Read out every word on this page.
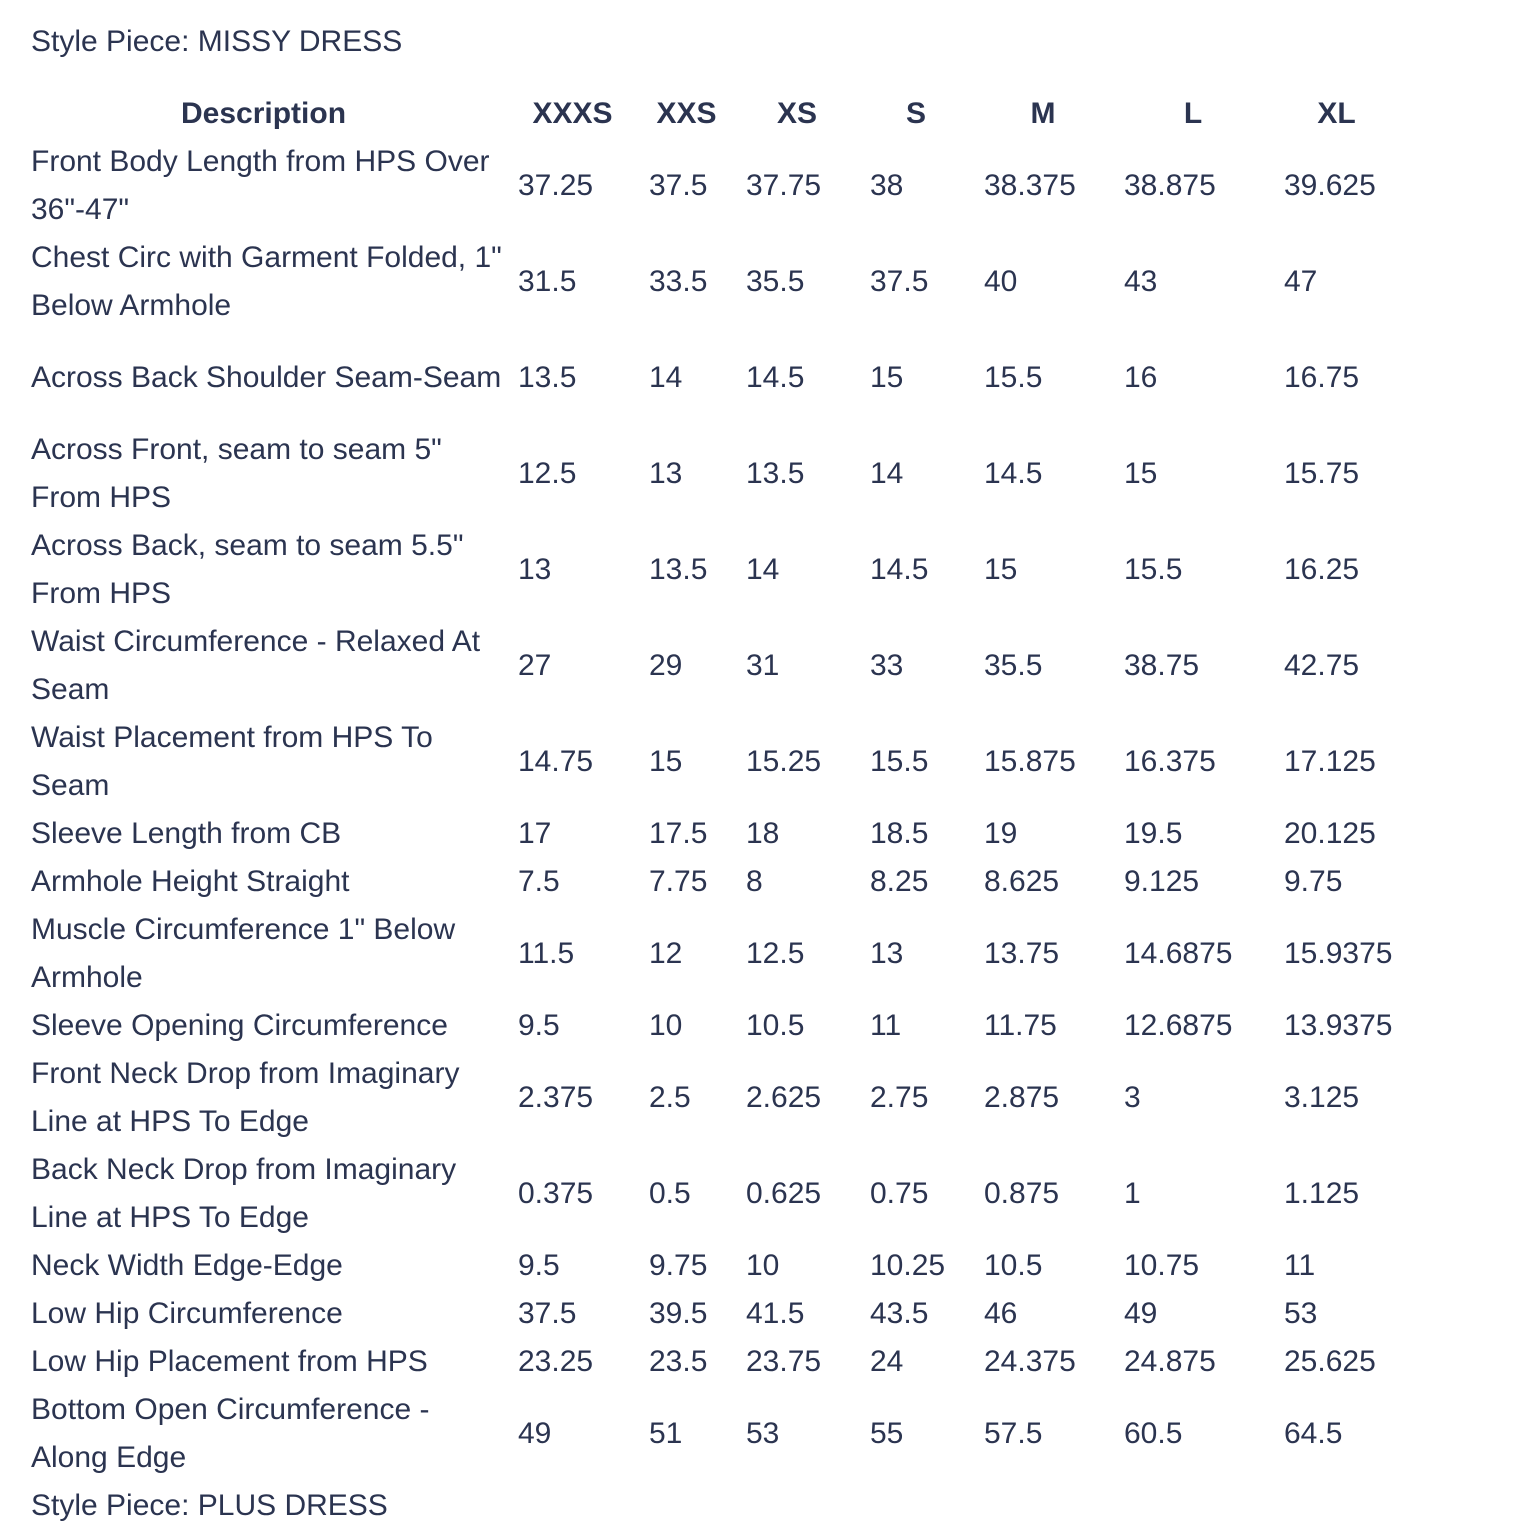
Style Piece: MISSY DRESS
Description	XXXS	XXS	XS	S	M	L	XL
Front Body Length from HPS Over 36"-47"	37.25	37.5	37.75	38	38.375	38.875	39.625
Chest Circ with Garment Folded, 1" Below Armhole	31.5	33.5	35.5	37.5	40	43	47
Across Back Shoulder Seam-Seam	13.5	14	14.5	15	15.5	16	16.75
Across Front, seam to seam 5" From HPS	12.5	13	13.5	14	14.5	15	15.75
Across Back, seam to seam 5.5" From HPS	13	13.5	14	14.5	15	15.5	16.25
Waist Circumference - Relaxed At Seam	27	29	31	33	35.5	38.75	42.75
Waist Placement from HPS To Seam	14.75	15	15.25	15.5	15.875	16.375	17.125
Sleeve Length from CB	17	17.5	18	18.5	19	19.5	20.125
Armhole Height Straight	7.5	7.75	8	8.25	8.625	9.125	9.75
Muscle Circumference 1" Below Armhole	11.5	12	12.5	13	13.75	14.6875	15.9375
Sleeve Opening Circumference	9.5	10	10.5	11	11.75	12.6875	13.9375
Front Neck Drop from Imaginary Line at HPS To Edge	2.375	2.5	2.625	2.75	2.875	3	3.125
Back Neck Drop from Imaginary Line at HPS To Edge	0.375	0.5	0.625	0.75	0.875	1	1.125
Neck Width Edge-Edge	9.5	9.75	10	10.25	10.5	10.75	11
Low Hip Circumference	37.5	39.5	41.5	43.5	46	49	53
Low Hip Placement from HPS	23.25	23.5	23.75	24	24.375	24.875	25.625
Bottom Open Circumference - Along Edge	49	51	53	55	57.5	60.5	64.5
Style Piece: PLUS DRESS
